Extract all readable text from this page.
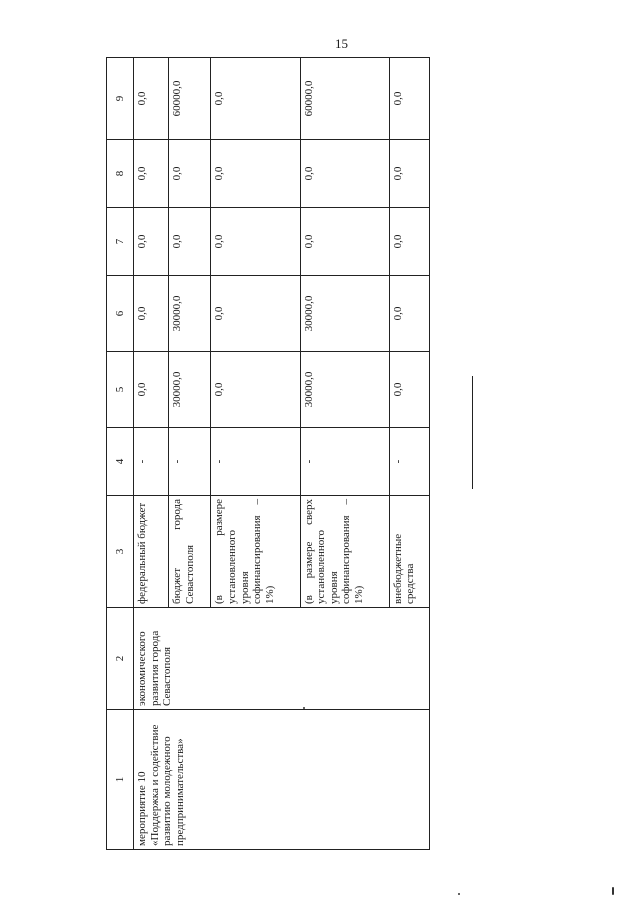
15
1	2	3	4	5	6	7	8	9
мероприятие 10 «Поддержка и содействие развитию молодежного предпринимательства»	экономического развития города Севастополя	федеральный бюджет	-	0,0	0,0	0,0	0,0	0,0
		бюджет города Севастополя	-	30000,0	30000,0	0,0	0,0	60000,0
		(в размере установленного уровня софинансирования – 1%)	-	0,0	0,0	0,0	0,0	0,0
		(в размере сверх установленного уровня софинансирования – 1%)	-	30000,0	30000,0	0,0	0,0	60000,0
		внебюджетные средства	-	0,0	0,0	0,0	0,0	0,0
